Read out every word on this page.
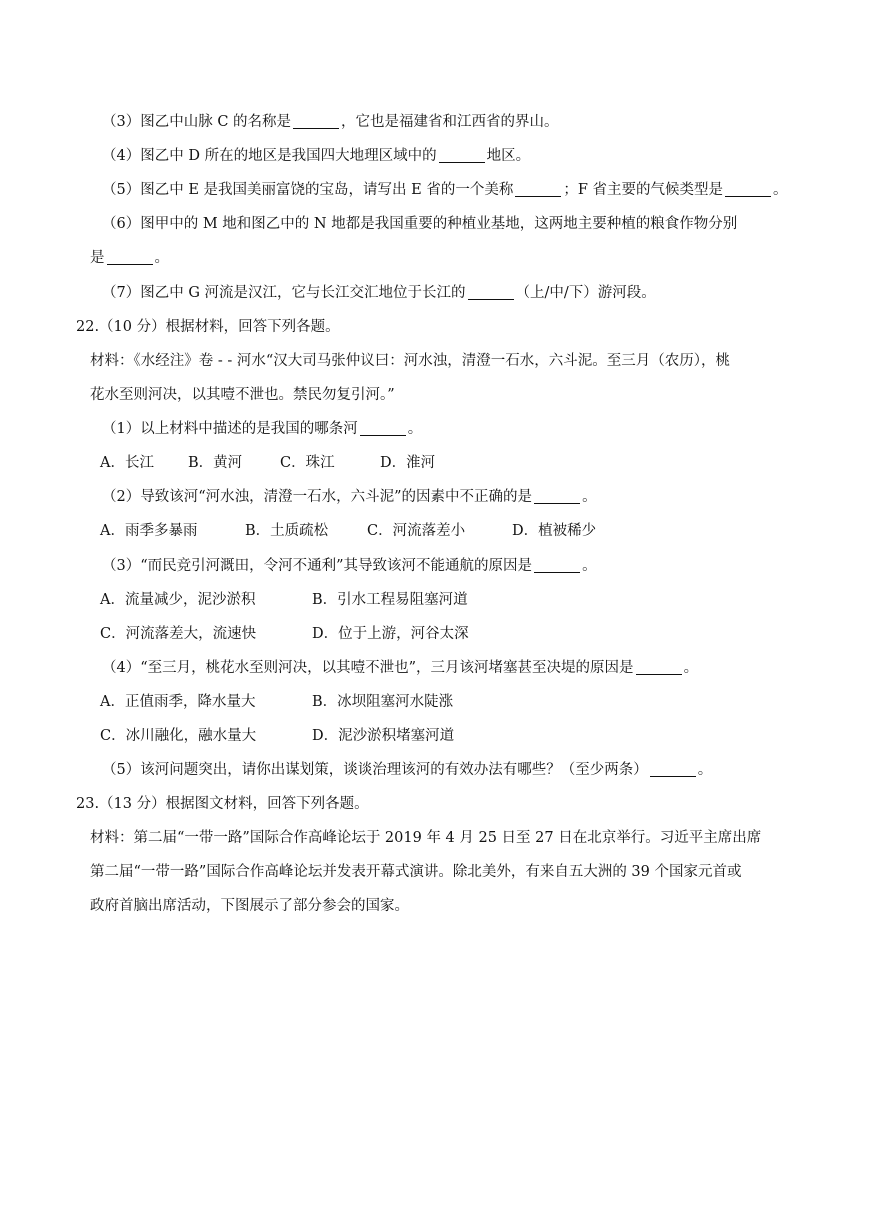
（3）图乙中山脉 C 的名称是	，它也是福建省和江西省的界山。
（4）图乙中 D 所在的地区是我国四大地理区域中的	地区。
（5）图乙中 E 是我国美丽富饶的宝岛，请写出 E 省的一个美称	；F 省主要的气候类型是	。
（6）图甲中的 M 地和图乙中的 N 地都是我国重要的种植业基地，这两地主要种植的粮食作物分别
是	。
（7）图乙中 G 河流是汉江，它与长江交汇地位于长江的	（上/中/下）游河段。
22.（10 分）根据材料，回答下列各题。
材料：《水经注》卷 - - 河水“汉大司马张仲议曰：河水浊，清澄一石水，六斗泥。至三月（农历），桃
花水至则河决，以其噎不泄也。禁民勿复引河。”
（1）以上材料中描述的是我国的哪条河	。
A．长江 B．黄河	C．珠江	D．淮河
（2）导致该河“河水浊，清澄一石水，六斗泥”的因素中不正确的是	。
A．雨季多暴雨	B．土质疏松	C．河流落差小	D．植被稀少
（3）“而民竞引河溉田，令河不通利”其导致该河不能通航的原因是	。
A．流量减少，泥沙淤积	B．引水工程易阻塞河道
C．河流落差大，流速快	D．位于上游，河谷太深
（4）“至三月，桃花水至则河决，以其噎不泄也”，三月该河堵塞甚至决堤的原因是	。
A．正值雨季，降水量大	B．冰坝阻塞河水陡涨
C．冰川融化，融水量大	D．泥沙淤积堵塞河道
（5）该河问题突出，请你出谋划策，谈谈治理该河的有效办法有哪些？（至少两条）	。
23.（13 分）根据图文材料，回答下列各题。
材料：第二届“一带一路”国际合作高峰论坛于 2019 年 4 月 25 日至 27 日在北京举行。习近平主席出席
第二届“一带一路”国际合作高峰论坛并发表开幕式演讲。除北美外，有来自五大洲的 39 个国家元首或
政府首脑出席活动，下图展示了部分参会的国家。
